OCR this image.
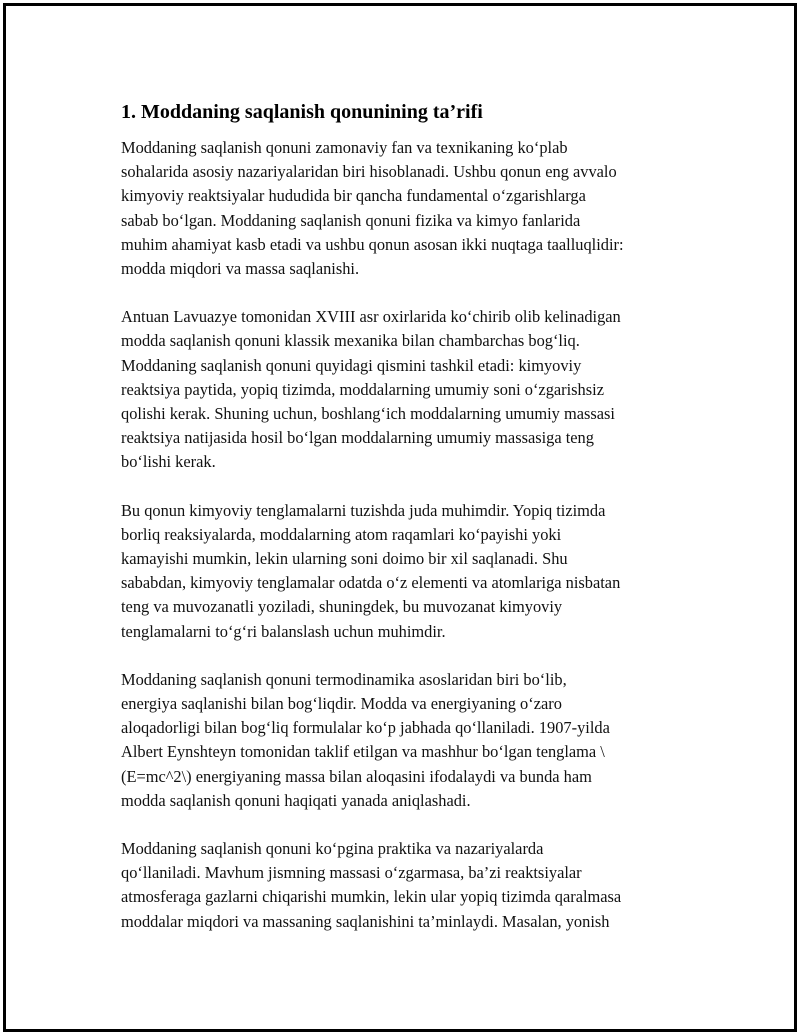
1. Moddaning saqlanish qonunining ta’rifi

Moddaning saqlanish qonuni zamonaviy fan va texnikaning ko‘plab
sohalarida asosiy nazariyalaridan biri hisoblanadi. Ushbu qonun eng avvalo
kimyoviy reaktsiyalar hududida bir qancha fundamental o‘zgarishlarga
sabab bo‘lgan. Moddaning saqlanish qonuni fizika va kimyo fanlarida
muhim ahamiyat kasb etadi va ushbu qonun asosan ikki nuqtaga taalluqlidir:
modda miqdori va massa saqlanishi.

Antuan Lavuazye tomonidan XVIII asr oxirlarida ko‘chirib olib kelinadigan
modda saqlanish qonuni klassik mexanika bilan chambarchas bog‘liq.
Moddaning saqlanish qonuni quyidagi qismini tashkil etadi: kimyoviy
reaktsiya paytida, yopiq tizimda, moddalarning umumiy soni o‘zgarishsiz
qolishi kerak. Shuning uchun, boshlang‘ich moddalarning umumiy massasi
reaktsiya natijasida hosil bo‘lgan moddalarning umumiy massasiga teng
bo‘lishi kerak.

Bu qonun kimyoviy tenglamalarni tuzishda juda muhimdir. Yopiq tizimda
borliq reaksiyalarda, moddalarning atom raqamlari ko‘payishi yoki
kamayishi mumkin, lekin ularning soni doimo bir xil saqlanadi. Shu
sababdan, kimyoviy tenglamalar odatda o‘z elementi va atomlariga nisbatan
teng va muvozanatli yoziladi, shuningdek, bu muvozanat kimyoviy
tenglamalarni to‘g‘ri balanslash uchun muhimdir.

Moddaning saqlanish qonuni termodinamika asoslaridan biri bo‘lib,
energiya saqlanishi bilan bog‘liqdir. Modda va energiyaning o‘zaro
aloqadorligi bilan bog‘liq formulalar ko‘p jabhada qo‘llaniladi. 1907-yilda
Albert Eynshteyn tomonidan taklif etilgan va mashhur bo‘lgan tenglama \
(E=mc^2\) energiyaning massa bilan aloqasini ifodalaydi va bunda ham
modda saqlanish qonuni haqiqati yanada aniqlashadi.

Moddaning saqlanish qonuni ko‘pgina praktika va nazariyalarda
qo‘llaniladi. Mavhum jismning massasi o‘zgarmasa, ba’zi reaktsiyalar
atmosferaga gazlarni chiqarishi mumkin, lekin ular yopiq tizimda qaralmasa
moddalar miqdori va massaning saqlanishini ta’minlaydi. Masalan, yonish
